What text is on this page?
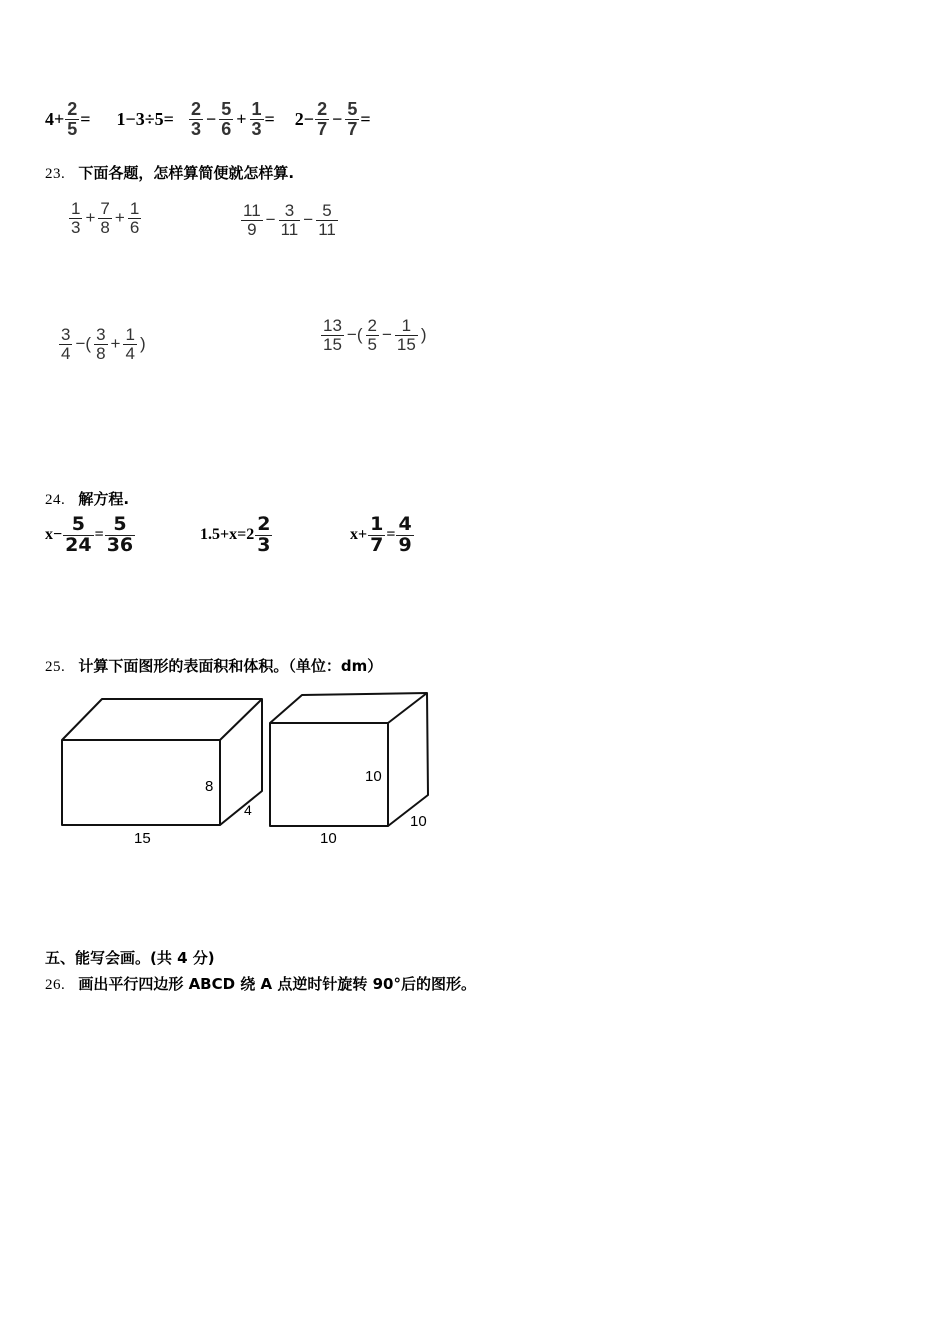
$4+ \frac{2}{5} = 1-3\div 5= \frac{2}{3} - \frac{5}{6} + \frac{1}{3} = 2- \frac{2}{7} - \frac{5}{7}$ =
23. 下面各题，怎样算简便就怎样算.
$\frac{1}{3} + \frac{7}{8} + \frac{1}{6}$	$\frac{11}{9} - \frac{3}{11} - \frac{5}{11}$
$\frac{3}{4}$ −( $\frac{3}{8} + \frac{1}{4}$ )	$\frac{13}{15}$ −( $\frac{2}{5} - \frac{1}{15}$ )
24. 解方程.
$x- \frac{5}{24} = \frac{5}{36}$	$1.5+x=2 \frac{2}{3}$	$x+ \frac{1}{7} = \frac{4}{9}$
25. 计算下面图形的表面积和体积。（单位：dm）
8
4
15
10
10
10
五、能写会画。(共 4 分)
26. 画出平行四边形 ABCD 绕 A 点逆时针旋转 90°后的图形。
